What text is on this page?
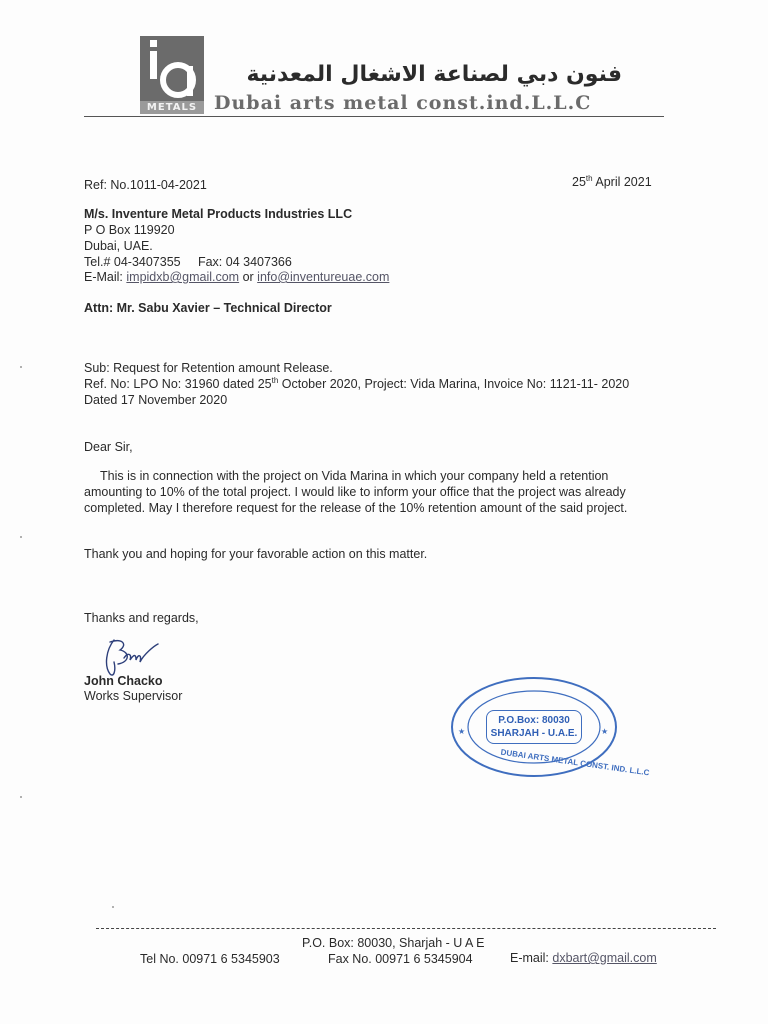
METALS
فنون دبي لصناعة الاشغال المعدنية
Dubai arts metal const.ind.L.L.C
Ref: No.1011-04-2021	25th April 2021
M/s. Inventure Metal Products Industries LLC
P O Box 119920
Dubai, UAE.
Tel.# 04-3407355     Fax: 04 3407366
E-Mail: impidxb@gmail.com or info@inventureuae.com
Attn: Mr. Sabu Xavier – Technical Director
Sub: Request for Retention amount Release.
Ref. No: LPO No: 31960 dated 25th October 2020, Project: Vida Marina, Invoice No: 1121-11- 2020
Dated 17 November 2020
Dear Sir,
This is in connection with the project on Vida Marina in which your company held a retention
amounting to 10% of the total project. I would like to inform your office that the project was already
completed. May I therefore request for the release of the 10% retention amount of the said project.
Thank you and hoping for your favorable action on this matter.
Thanks and regards,
John Chacko
Works Supervisor
★	★
P.O.Box: 80030
SHARJAH - U.A.E.
DUBAI ARTS METAL CONST. IND. L.L.C
P.O. Box: 80030, Sharjah - U A E
Tel No. 00971 6 5345903	Fax No. 00971 6 5345904	E-mail: dxbart@gmail.com
